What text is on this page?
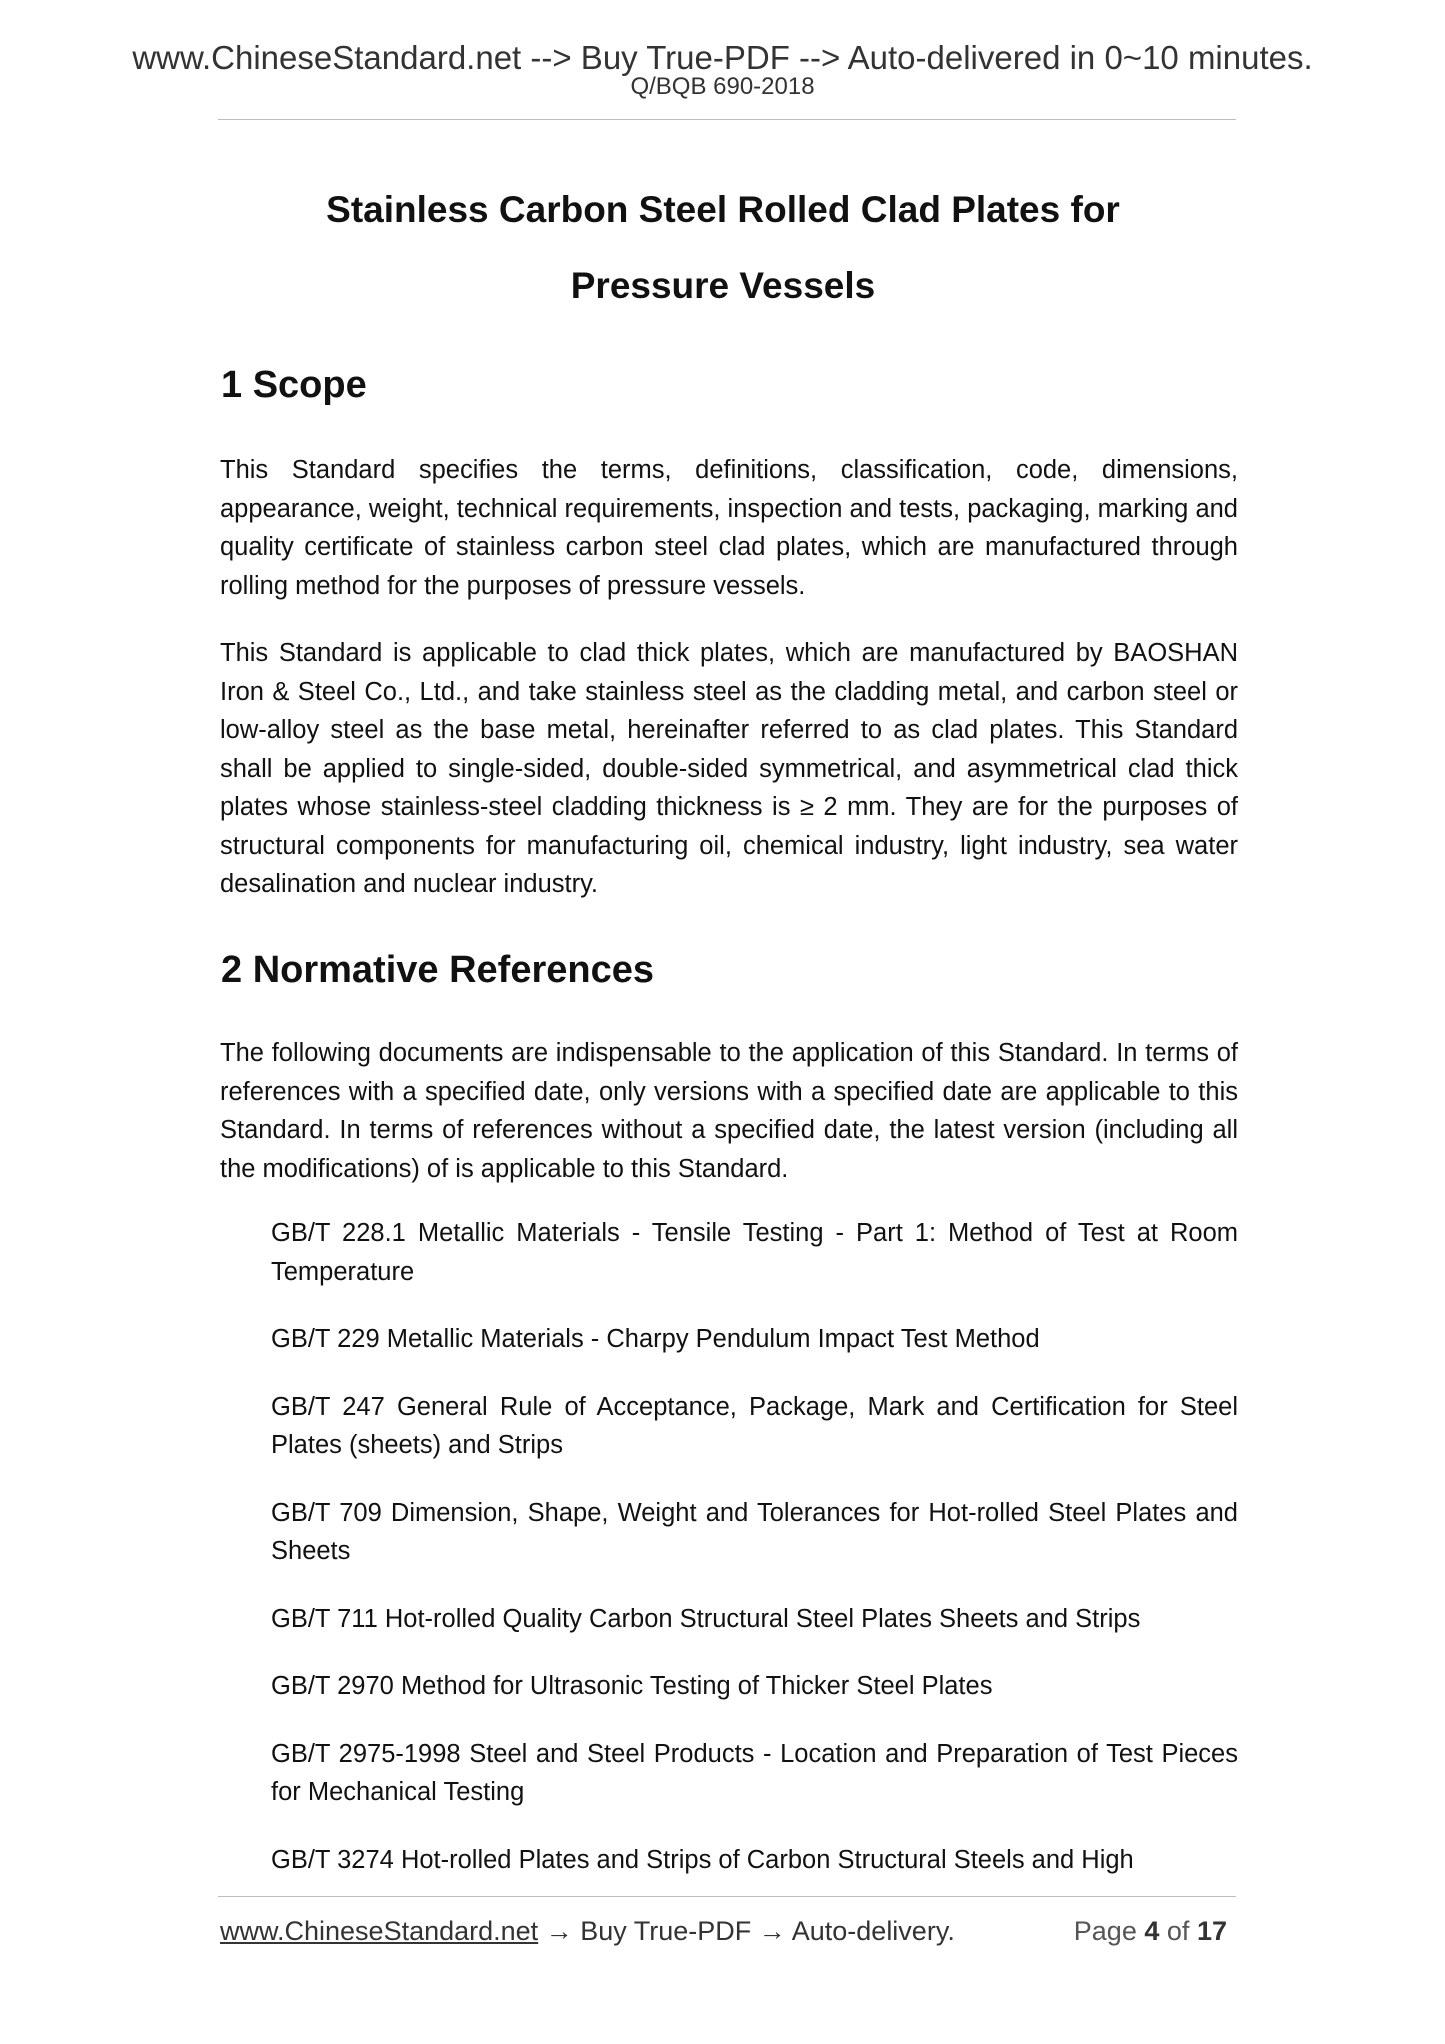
www.ChineseStandard.net --> Buy True-PDF --> Auto-delivered in 0~10 minutes.
Q/BQB 690-2018
Stainless Carbon Steel Rolled Clad Plates for
Pressure Vessels
1 Scope

This Standard specifies the terms, definitions, classification, code, dimensions, appearance, weight, technical requirements, inspection and tests, packaging, marking and quality certificate of stainless carbon steel clad plates, which are manufactured through rolling method for the purposes of pressure vessels.

This Standard is applicable to clad thick plates, which are manufactured by BAOSHAN Iron & Steel Co., Ltd., and take stainless steel as the cladding metal, and carbon steel or low-alloy steel as the base metal, hereinafter referred to as clad plates. This Standard shall be applied to single-sided, double-sided symmetrical, and asymmetrical clad thick plates whose stainless-steel cladding thickness is ≥ 2 mm. They are for the purposes of structural components for manufacturing oil, chemical industry, light industry, sea water desalination and nuclear industry.

2 Normative References

The following documents are indispensable to the application of this Standard. In terms of references with a specified date, only versions with a specified date are applicable to this Standard. In terms of references without a specified date, the latest version (including all the modifications) of is applicable to this Standard.

GB/T 228.1 Metallic Materials - Tensile Testing - Part 1: Method of Test at Room Temperature
GB/T 229 Metallic Materials - Charpy Pendulum Impact Test Method
GB/T 247 General Rule of Acceptance, Package, Mark and Certification for Steel Plates (sheets) and Strips
GB/T 709 Dimension, Shape, Weight and Tolerances for Hot-rolled Steel Plates and Sheets
GB/T 711 Hot-rolled Quality Carbon Structural Steel Plates Sheets and Strips
GB/T 2970 Method for Ultrasonic Testing of Thicker Steel Plates
GB/T 2975-1998 Steel and Steel Products - Location and Preparation of Test Pieces for Mechanical Testing
GB/T 3274 Hot-rolled Plates and Strips of Carbon Structural Steels and High
www.ChineseStandard.net → Buy True-PDF → Auto-delivery.	Page 4 of 17
